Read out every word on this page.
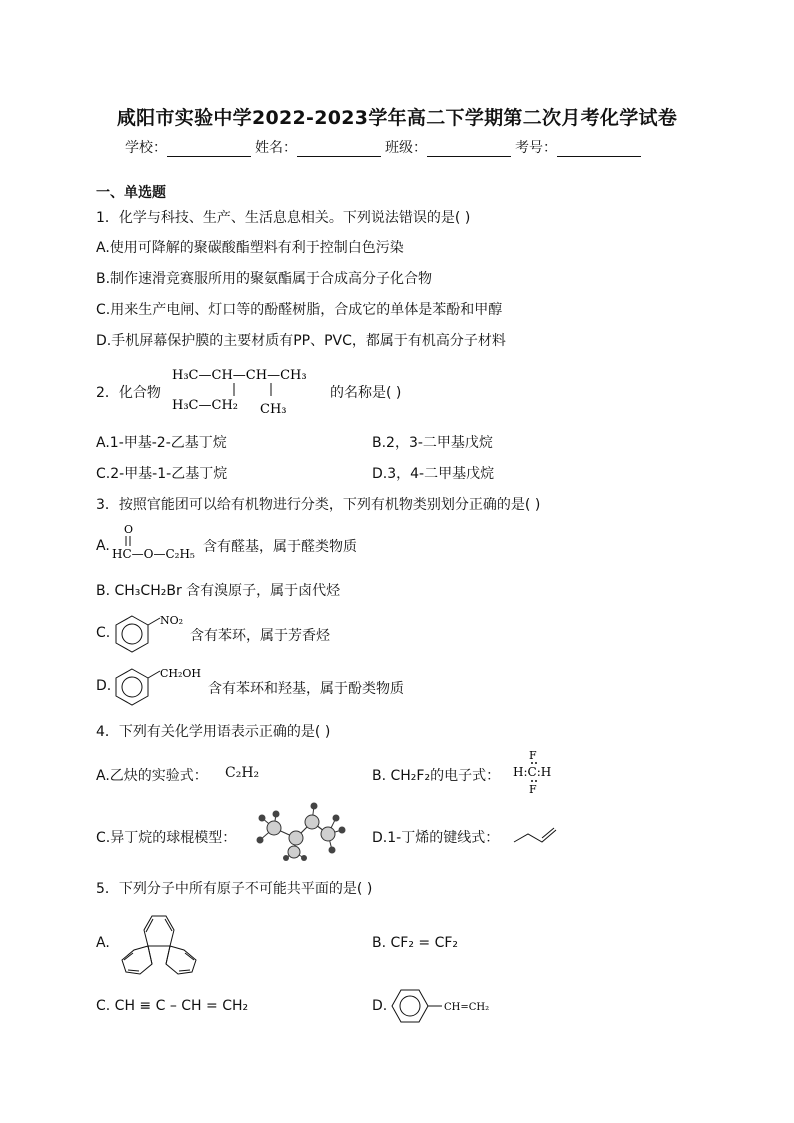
咸阳市实验中学2022-2023学年高二下学期第二次月考化学试卷
学校：	姓名：	班级：	考号：
一、单选题
1．化学与科技、生产、生活息息相关。下列说法错误的是( )
A.使用可降解的聚碳酸酯塑料有利于控制白色污染
B.制作速滑竞赛服所用的聚氨酯属于合成高分子化合物
C.用来生产电闸、灯口等的酚醛树脂，合成它的单体是苯酚和甲醇
D.手机屏幕保护膜的主要材质有PP、PVC，都属于有机高分子材料
2．化合物
H₃C—CH—CH—CH₃
H₃C—CH₂ CH₃
的名称是( )
A.1-甲基-2-乙基丁烷	B.2，3-二甲基戊烷
C.2-甲基-1-乙基丁烷	D.3，4-二甲基戊烷
3．按照官能团可以给有机物进行分类，下列有机物类别划分正确的是( )
A.
O
HC—O—C₂H₅ 含有醛基，属于醛类物质
B. CH₃CH₂Br 含有溴原子，属于卤代烃
C.
NO₂
含有苯环，属于芳香烃
D.
CH₂OH
含有苯环和羟基，属于酚类物质
4．下列有关化学用语表示正确的是( )
A.乙炔的实验式： C₂H₂	B. CH₂F₂的电子式：
F
H:C:H
F
C.异丁烷的球棍模型：	D.1-丁烯的键线式：
5．下列分子中所有原子不可能共平面的是( )
A.	B. CF₂ = CF₂
C. CH ≡ C – CH = CH₂	D.	CH=CH₂
